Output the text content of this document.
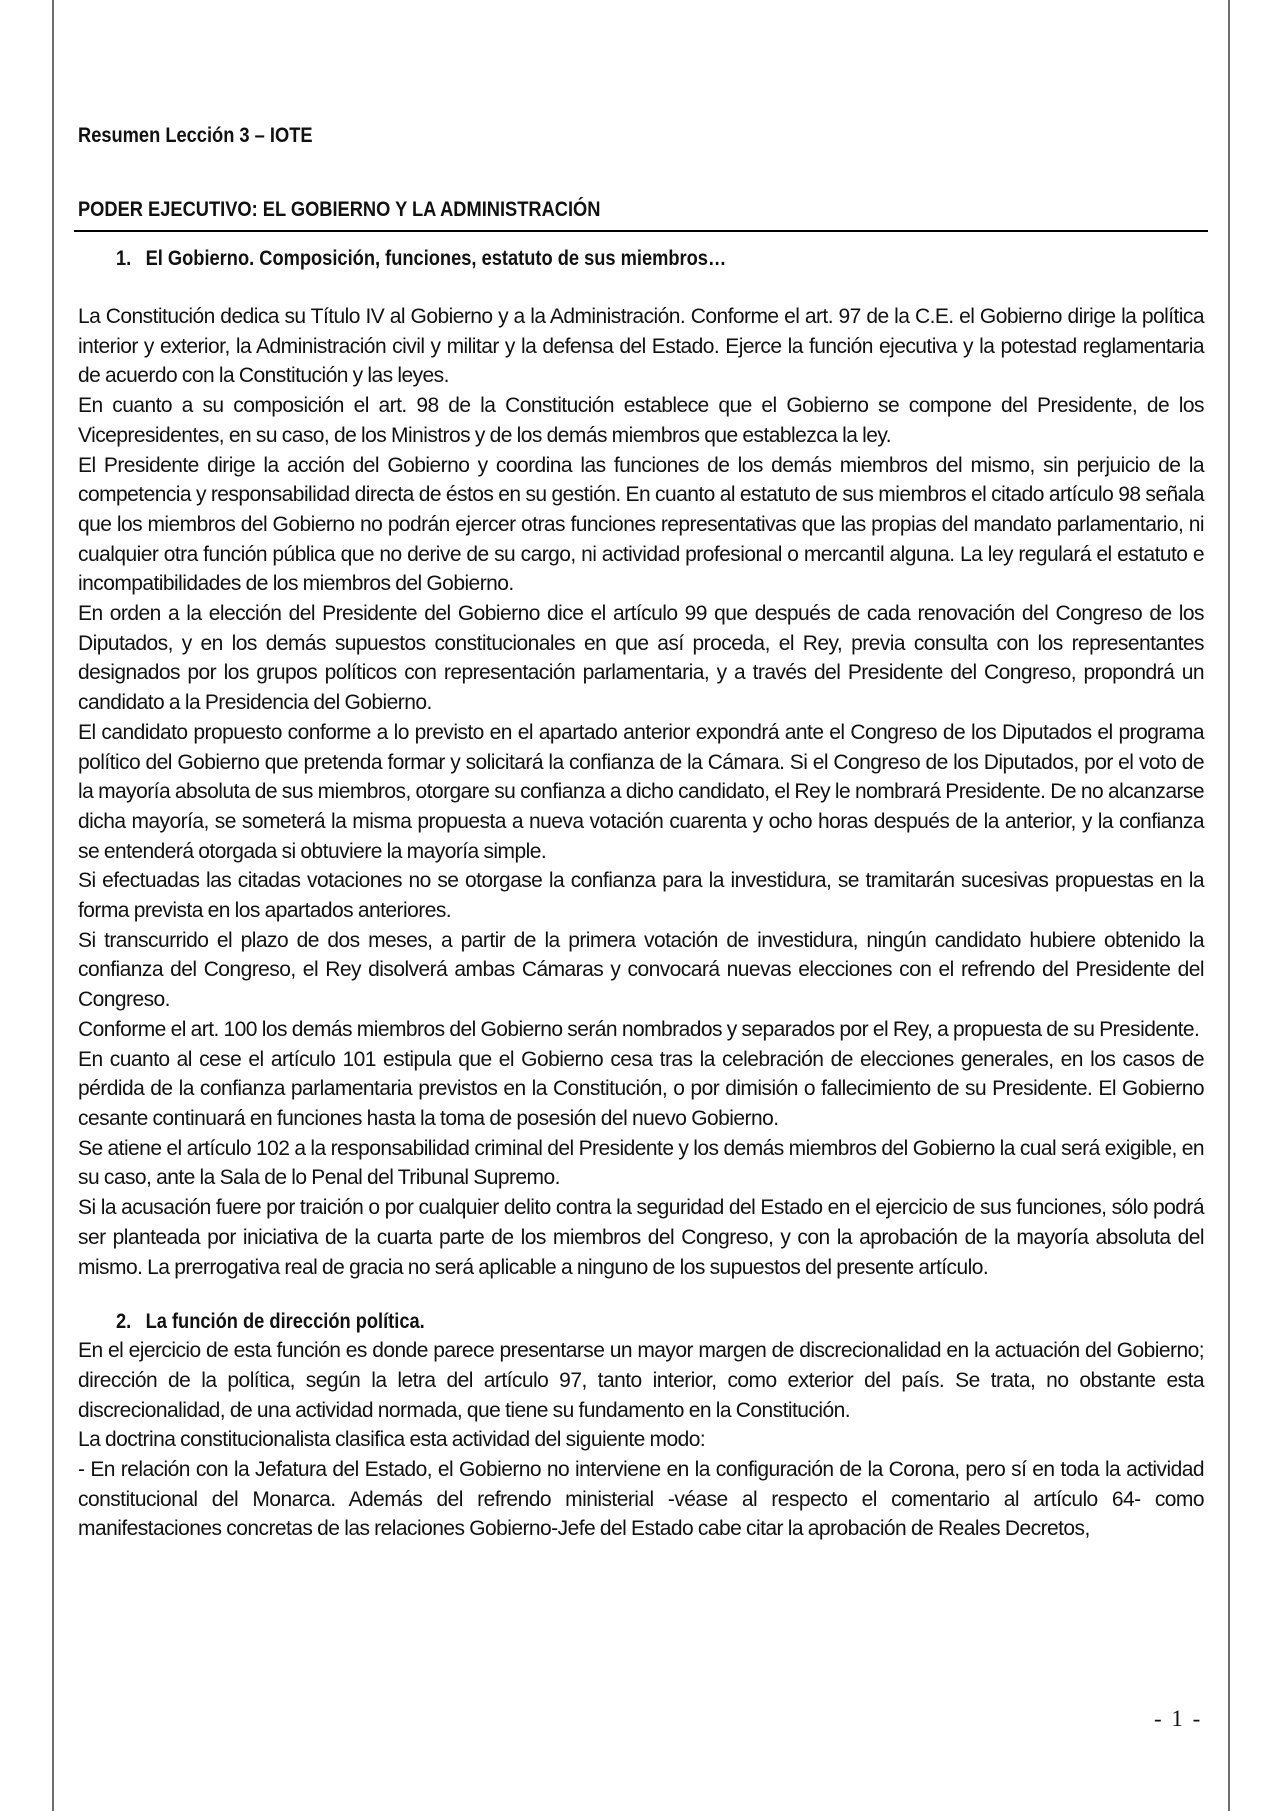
Resumen Lección 3 – IOTE
PODER EJECUTIVO: EL GOBIERNO Y LA ADMINISTRACIÓN
1. El Gobierno. Composición, funciones, estatuto de sus miembros…

La Constitución dedica su Título IV al Gobierno y a la Administración. Conforme el art. 97 de la C.E. el Gobierno dirige la política interior y exterior, la Administración civil y militar y la defensa del Estado. Ejerce la función ejecutiva y la potestad reglamentaria de acuerdo con la Constitución y las leyes.

En cuanto a su composición el art. 98 de la Constitución establece que el Gobierno se compone del Presidente, de los Vicepresidentes, en su caso, de los Ministros y de los demás miembros que establezca la ley.

El Presidente dirige la acción del Gobierno y coordina las funciones de los demás miembros del mismo, sin perjuicio de la competencia y responsabilidad directa de éstos en su gestión. En cuanto al estatuto de sus miembros el citado artículo 98 señala que los miembros del Gobierno no podrán ejercer otras funciones representativas que las propias del mandato parlamentario, ni cualquier otra función pública que no derive de su cargo, ni actividad profesional o mercantil alguna. La ley regulará el estatuto e incompatibilidades de los miembros del Gobierno.

En orden a la elección del Presidente del Gobierno dice el artículo 99 que después de cada renovación del Congreso de los Diputados, y en los demás supuestos constitucionales en que así proceda, el Rey, previa consulta con los representantes designados por los grupos políticos con representación parlamentaria, y a través del Presidente del Congreso, propondrá un candidato a la Presidencia del Gobierno.

El candidato propuesto conforme a lo previsto en el apartado anterior expondrá ante el Congreso de los Diputados el programa político del Gobierno que pretenda formar y solicitará la confianza de la Cámara. Si el Congreso de los Diputados, por el voto de la mayoría absoluta de sus miembros, otorgare su confianza a dicho candidato, el Rey le nombrará Presidente. De no alcanzarse dicha mayoría, se someterá la misma propuesta a nueva votación cuarenta y ocho horas después de la anterior, y la confianza se entenderá otorgada si obtuviere la mayoría simple.

Si efectuadas las citadas votaciones no se otorgase la confianza para la investidura, se tramitarán sucesivas propuestas en la forma prevista en los apartados anteriores.

Si transcurrido el plazo de dos meses, a partir de la primera votación de investidura, ningún candidato hubiere obtenido la confianza del Congreso, el Rey disolverá ambas Cámaras y convocará nuevas elecciones con el refrendo del Presidente del Congreso.

Conforme el art. 100 los demás miembros del Gobierno serán nombrados y separados por el Rey, a propuesta de su Presidente.

En cuanto al cese el artículo 101 estipula que el Gobierno cesa tras la celebración de elecciones generales, en los casos de pérdida de la confianza parlamentaria previstos en la Constitución, o por dimisión o fallecimiento de su Presidente. El Gobierno cesante continuará en funciones hasta la toma de posesión del nuevo Gobierno.

Se atiene el artículo 102 a la responsabilidad criminal del Presidente y los demás miembros del Gobierno la cual será exigible, en su caso, ante la Sala de lo Penal del Tribunal Supremo.

Si la acusación fuere por traición o por cualquier delito contra la seguridad del Estado en el ejercicio de sus funciones, sólo podrá ser planteada por iniciativa de la cuarta parte de los miembros del Congreso, y con la aprobación de la mayoría absoluta del mismo. La prerrogativa real de gracia no será aplicable a ninguno de los supuestos del presente artículo.

2. La función de dirección política.

En el ejercicio de esta función es donde parece presentarse un mayor margen de discrecionalidad en la actuación del Gobierno; dirección de la política, según la letra del artículo 97, tanto interior, como exterior del país. Se trata, no obstante esta discrecionalidad, de una actividad normada, que tiene su fundamento en la Constitución.

La doctrina constitucionalista clasifica esta actividad del siguiente modo:

- En relación con la Jefatura del Estado, el Gobierno no interviene en la configuración de la Corona, pero sí en toda la actividad constitucional del Monarca. Además del refrendo ministerial -véase al respecto el comentario al artículo 64- como manifestaciones concretas de las relaciones Gobierno-Jefe del Estado cabe citar la aprobación de Reales Decretos,

- 1 -
